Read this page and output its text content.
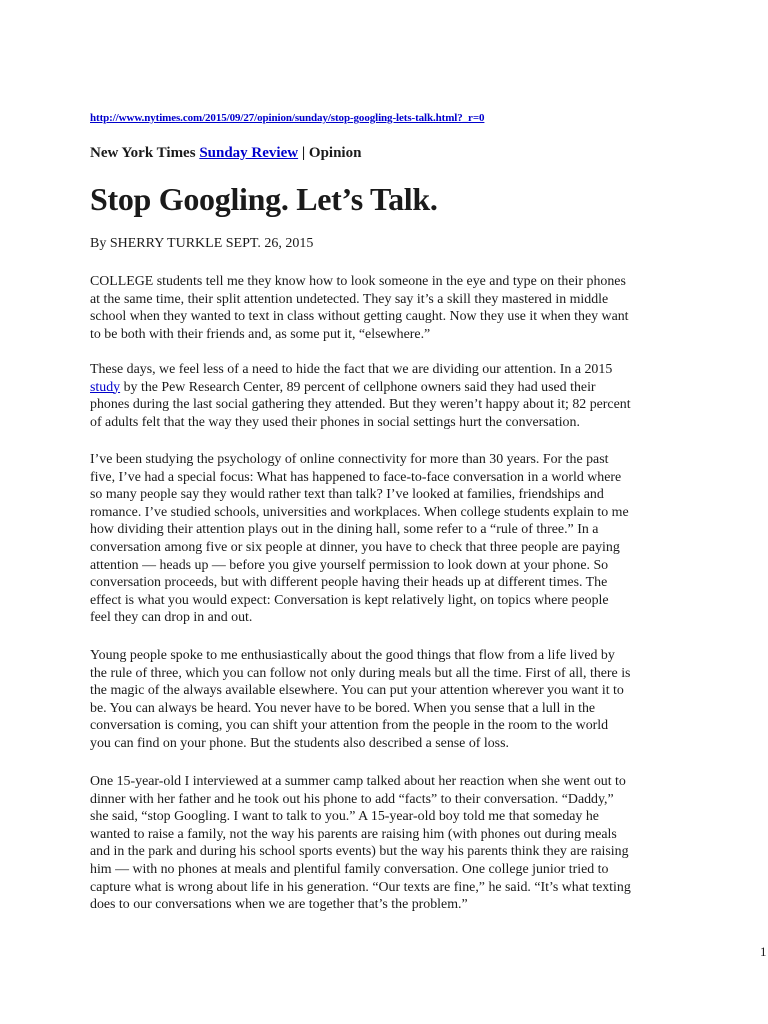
http://www.nytimes.com/2015/09/27/opinion/sunday/stop-googling-lets-talk.html?_r=0
New York Times Sunday Review | Opinion
Stop Googling. Let’s Talk.
By SHERRY TURKLE SEPT. 26, 2015

COLLEGE students tell me they know how to look someone in the eye and type on their phones
at the same time, their split attention undetected. They say it’s a skill they mastered in middle
school when they wanted to text in class without getting caught. Now they use it when they want
to be both with their friends and, as some put it, “elsewhere.”

These days, we feel less of a need to hide the fact that we are dividing our attention. In a 2015
study by the Pew Research Center, 89 percent of cellphone owners said they had used their
phones during the last social gathering they attended. But they weren’t happy about it; 82 percent
of adults felt that the way they used their phones in social settings hurt the conversation.

I’ve been studying the psychology of online connectivity for more than 30 years. For the past
five, I’ve had a special focus: What has happened to face-to-face conversation in a world where
so many people say they would rather text than talk? I’ve looked at families, friendships and
romance. I’ve studied schools, universities and workplaces. When college students explain to me
how dividing their attention plays out in the dining hall, some refer to a “rule of three.” In a
conversation among five or six people at dinner, you have to check that three people are paying
attention — heads up — before you give yourself permission to look down at your phone. So
conversation proceeds, but with different people having their heads up at different times. The
effect is what you would expect: Conversation is kept relatively light, on topics where people
feel they can drop in and out.

Young people spoke to me enthusiastically about the good things that flow from a life lived by
the rule of three, which you can follow not only during meals but all the time. First of all, there is
the magic of the always available elsewhere. You can put your attention wherever you want it to
be. You can always be heard. You never have to be bored. When you sense that a lull in the
conversation is coming, you can shift your attention from the people in the room to the world
you can find on your phone. But the students also described a sense of loss.

One 15-year-old I interviewed at a summer camp talked about her reaction when she went out to
dinner with her father and he took out his phone to add “facts” to their conversation. “Daddy,”
she said, “stop Googling. I want to talk to you.” A 15-year-old boy told me that someday he
wanted to raise a family, not the way his parents are raising him (with phones out during meals
and in the park and during his school sports events) but the way his parents think they are raising
him — with no phones at meals and plentiful family conversation. One college junior tried to
capture what is wrong about life in his generation. “Our texts are fine,” he said. “It’s what texting
does to our conversations when we are together that’s the problem.”

1
